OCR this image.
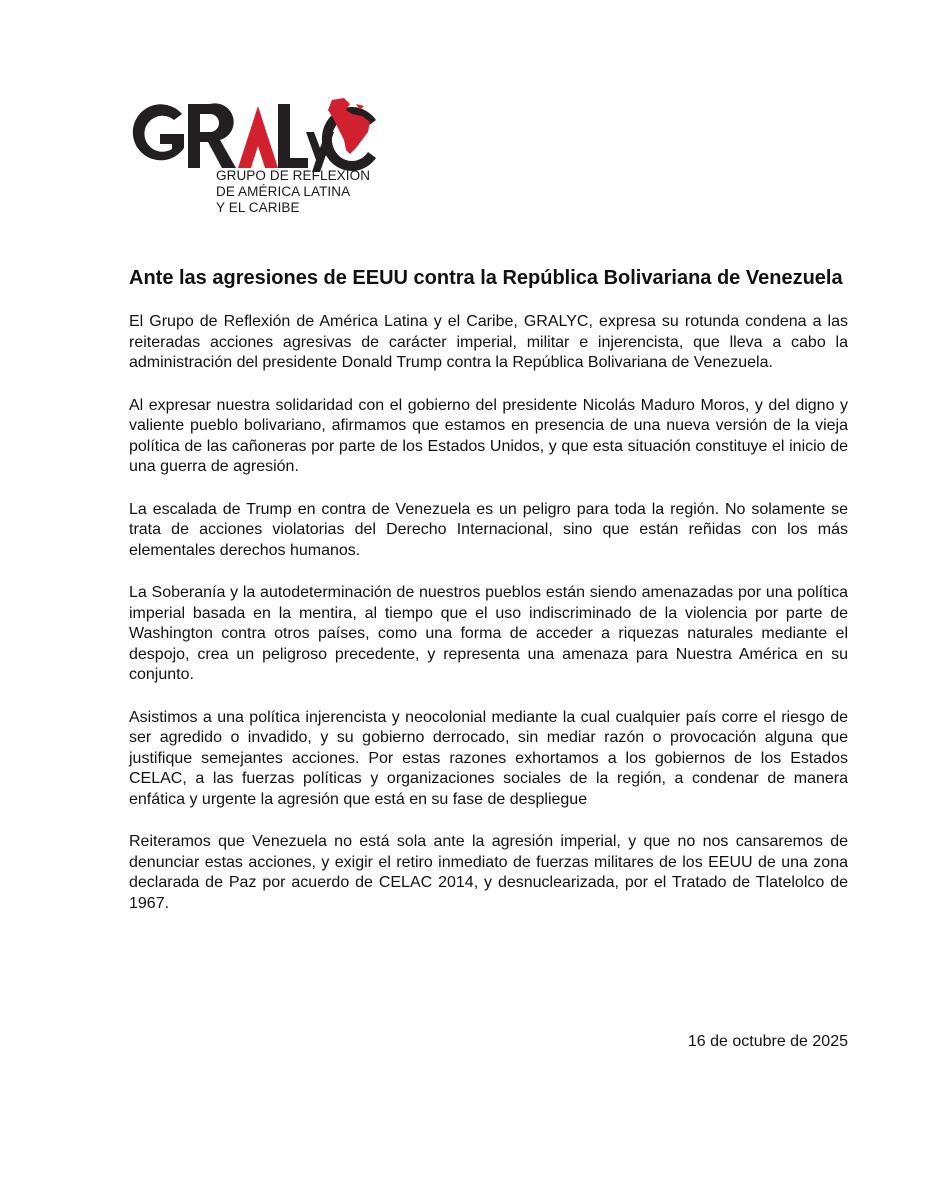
GRUPO DE REFLEXIÓN
DE AMÉRICA LATINA
Y EL CARIBE
Ante las agresiones de EEUU contra la República Bolivariana de Venezuela

El Grupo de Reflexión de América Latina y el Caribe, GRALYC, expresa su rotunda condena a las reiteradas acciones agresivas de carácter imperial, militar e injerencista, que lleva a cabo la administración del presidente Donald Trump contra la República Bolivariana de Venezuela.

Al expresar nuestra solidaridad con el gobierno del presidente Nicolás Maduro Moros, y del digno y valiente pueblo bolivariano, afirmamos que estamos en presencia de una nueva versión de la vieja política de las cañoneras por parte de los Estados Unidos, y que esta situación constituye el inicio de una guerra de agresión.

La escalada de Trump en contra de Venezuela es un peligro para toda la región. No solamente se trata de acciones violatorias del Derecho Internacional, sino que están reñidas con los más elementales derechos humanos.

La Soberanía y la autodeterminación de nuestros pueblos están siendo amenazadas por una política imperial basada en la mentira, al tiempo que el uso indiscriminado de la violencia por parte de Washington contra otros países, como una forma de acceder a riquezas naturales mediante el despojo, crea un peligroso precedente, y representa una amenaza para Nuestra América en su conjunto.

Asistimos a una política injerencista y neocolonial mediante la cual cualquier país corre el riesgo de ser agredido o invadido, y su gobierno derrocado, sin mediar razón o provocación alguna que justifique semejantes acciones. Por estas razones exhortamos a los gobiernos de los Estados CELAC, a las fuerzas políticas y organizaciones sociales de la región, a condenar de manera enfática y urgente la agresión que está en su fase de despliegue

Reiteramos que Venezuela no está sola ante la agresión imperial, y que no nos cansaremos de denunciar estas acciones, y exigir el retiro inmediato de fuerzas militares de los EEUU de una zona declarada de Paz por acuerdo de CELAC 2014, y desnuclearizada, por el Tratado de Tlatelolco de 1967.

16 de octubre de 2025
